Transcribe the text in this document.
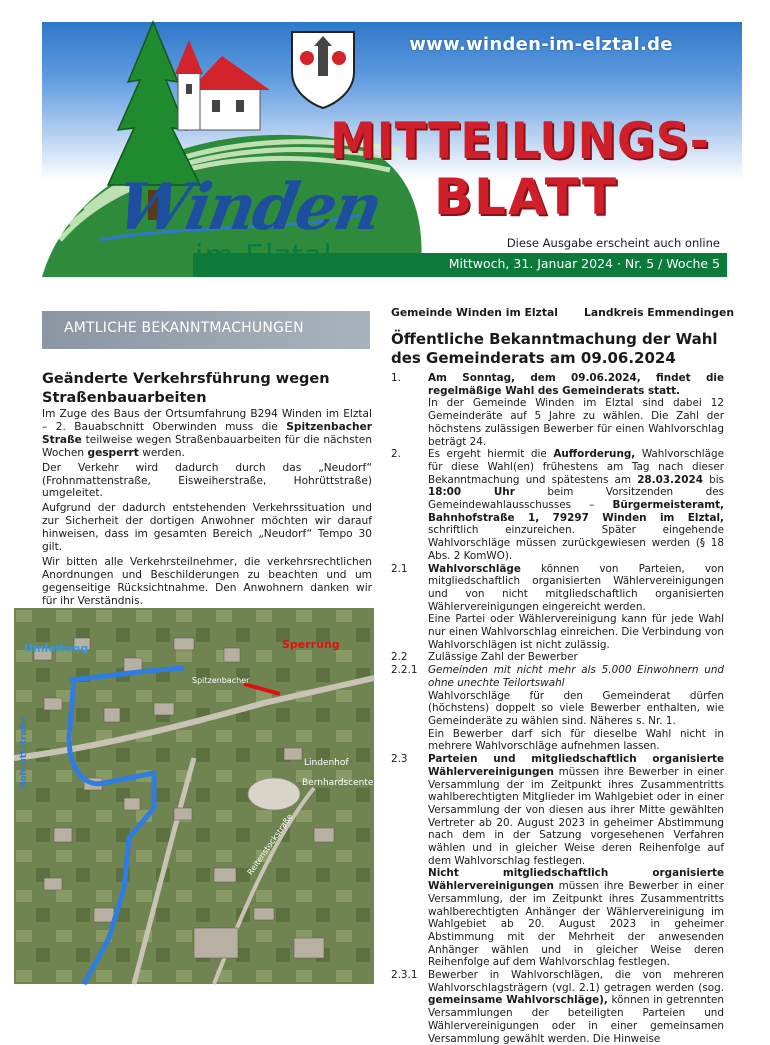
Winden
www.winden-im-elztal.de
MITTEILUNGS-
BLATT
Diese Ausgabe erscheint auch online
Mittwoch, 31. Januar 2024 · Nr. 5 / Woche 5
AMTLICHE BEKANNTMACHUNGEN
Geänderte Verkehrsführung wegen Straßenbauarbeiten

Im Zuge des Baus der Ortsumfahrung B294 Winden im Elztal – 2. Bauabschnitt Oberwinden muss die Spitzenbacher Straße teilweise wegen Straßenbauarbeiten für die nächsten Wochen gesperrt werden.

Der Verkehr wird dadurch durch das „Neudorf“ (Frohnmattenstraße, Eisweiherstraße, Hohrüttstraße) umgeleitet.

Aufgrund der dadurch entstehenden Verkehrssituation und zur Sicherheit der dortigen Anwohner möchten wir darauf hinweisen, dass im gesamten Bereich „Neudorf“ Tempo 30 gilt.

Wir bitten alle Verkehrsteilnehmer, die verkehrsrechtlichen Anordnungen und Beschilderungen zu beachten und um gegenseitige Rücksichtnahme. Den Anwohnern danken wir für ihr Verständnis.

Umleitung	Sperrung
Hohrüttstraße
Spitzenbacher
Lindenhof
Bernhardscenter
Reitenstockstraße
Gemeinde Winden im Elztal Landkreis Emmendingen
Öffentliche Bekanntmachung der Wahl des Gemeinderats am 09.06.2024
1.	Am Sonntag, dem 09.06.2024, findet die regelmäßige Wahl des Gemeinderats statt.

In der Gemeinde Winden im Elztal sind dabei 12 Gemeinderäte auf 5 Jahre zu wählen. Die Zahl der höchstens zulässigen Bewerber für einen Wahlvorschlag beträgt 24.

2.	Es ergeht hiermit die Aufforderung, Wahlvorschläge für diese Wahl(en) frühestens am Tag nach dieser Bekanntmachung und spätestens am 28.03.2024 bis 18:00 Uhr beim Vorsitzenden des Gemeindewahlausschusses – Bürgermeisteramt, Bahnhofstraße 1, 79297 Winden im Elztal, schriftlich einzureichen. Später eingehende Wahlvorschläge müssen zurückgewiesen werden (§ 18 Abs. 2 KomWO).

2.1	Wahlvorschläge können von Parteien, von mitgliedschaftlich organisierten Wählervereinigungen und von nicht mitgliedschaftlich organisierten Wählervereinigungen eingereicht werden.

Eine Partei oder Wählervereinigung kann für jede Wahl nur einen Wahlvorschlag einreichen. Die Verbindung von Wahlvorschlägen ist nicht zulässig.

2.2	Zulässige Zahl der Bewerber

2.2.1	Gemeinden mit nicht mehr als 5.000 Einwohnern und ohne unechte Teilortswahl

Wahlvorschläge für den Gemeinderat dürfen (höchstens) doppelt so viele Bewerber enthalten, wie Gemeinderäte zu wählen sind. Näheres s. Nr. 1.

Ein Bewerber darf sich für dieselbe Wahl nicht in mehrere Wahlvorschläge aufnehmen lassen.

2.3	Parteien und mitgliedschaftlich organisierte Wählervereinigungen müssen ihre Bewerber in einer Versammlung der im Zeitpunkt ihres Zusammentritts wahlberechtigten Mitglieder im Wahlgebiet oder in einer Versammlung der von diesen aus ihrer Mitte gewählten Vertreter ab 20. August 2023 in geheimer Abstimmung nach dem in der Satzung vorgesehenen Verfahren wählen und in gleicher Weise deren Reihenfolge auf dem Wahlvorschlag festlegen.

Nicht mitgliedschaftlich organisierte Wählervereinigungen müssen ihre Bewerber in einer Versammlung, der im Zeitpunkt ihres Zusammentritts wahlberechtigten Anhänger der Wählervereinigung im Wahlgebiet ab 20. August 2023 in geheimer Abstimmung mit der Mehrheit der anwesenden Anhänger wählen und in gleicher Weise deren Reihenfolge auf dem Wahlvorschlag festlegen.

2.3.1	Bewerber in Wahlvorschlägen, die von mehreren Wahlvorschlagsträgern (vgl. 2.1) getragen werden (sog. gemeinsame Wahlvorschläge), können in getrennten Versammlungen der beteiligten Parteien und Wählervereinigungen oder in einer gemeinsamen Versammlung gewählt werden. Die Hinweise
